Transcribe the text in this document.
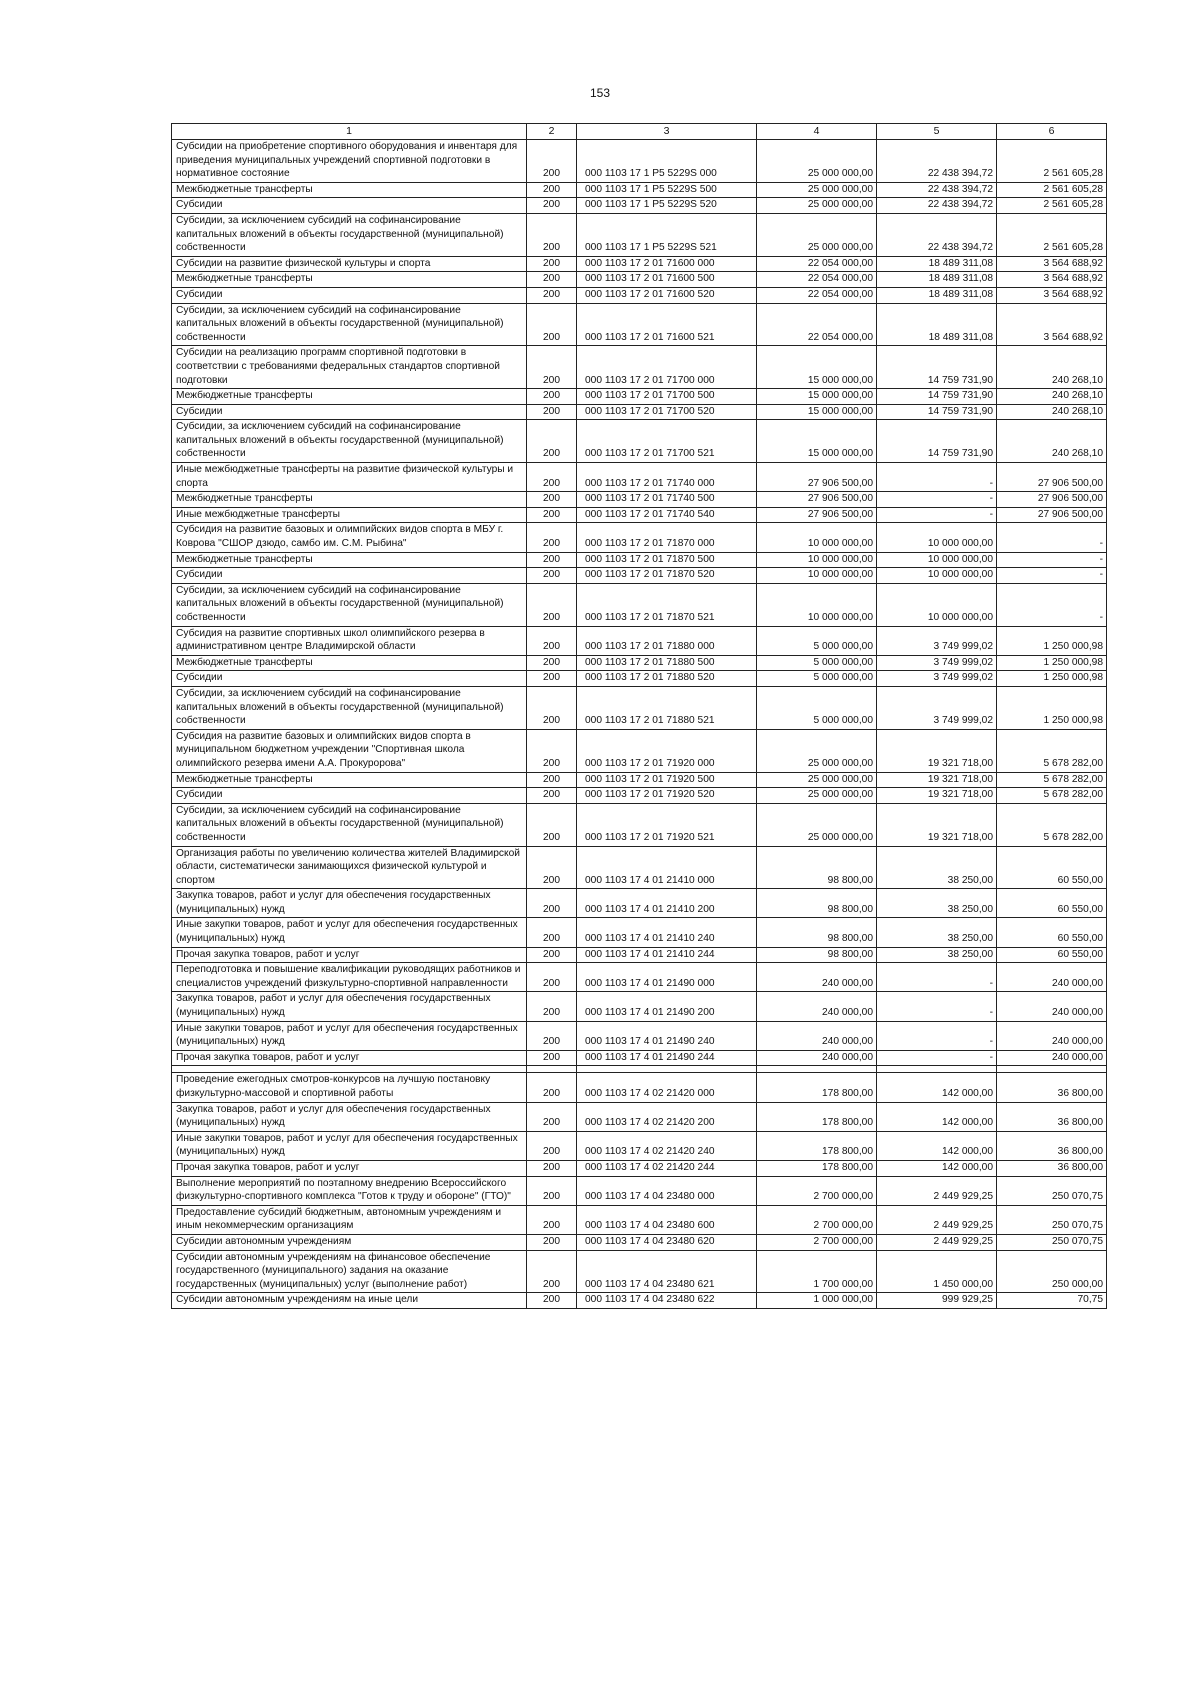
153
1	2	3	4	5	6
Субсидии на приобретение спортивного оборудования и инвентаря для приведения муниципальных учреждений спортивной подготовки в нормативное состояние	200	000 1103 17 1 P5 5229S 000	25 000 000,00	22 438 394,72	2 561 605,28
Межбюджетные трансферты	200	000 1103 17 1 P5 5229S 500	25 000 000,00	22 438 394,72	2 561 605,28
Субсидии	200	000 1103 17 1 P5 5229S 520	25 000 000,00	22 438 394,72	2 561 605,28
Субсидии, за исключением субсидий на софинансирование капитальных вложений в объекты государственной (муниципальной) собственности	200	000 1103 17 1 P5 5229S 521	25 000 000,00	22 438 394,72	2 561 605,28
Субсидии на развитие физической культуры и спорта	200	000 1103 17 2 01 71600 000	22 054 000,00	18 489 311,08	3 564 688,92
Межбюджетные трансферты	200	000 1103 17 2 01 71600 500	22 054 000,00	18 489 311,08	3 564 688,92
Субсидии	200	000 1103 17 2 01 71600 520	22 054 000,00	18 489 311,08	3 564 688,92
Субсидии, за исключением субсидий на софинансирование капитальных вложений в объекты государственной (муниципальной) собственности	200	000 1103 17 2 01 71600 521	22 054 000,00	18 489 311,08	3 564 688,92
Субсидии на реализацию программ спортивной подготовки в соответствии с требованиями федеральных стандартов спортивной подготовки	200	000 1103 17 2 01 71700 000	15 000 000,00	14 759 731,90	240 268,10
Межбюджетные трансферты	200	000 1103 17 2 01 71700 500	15 000 000,00	14 759 731,90	240 268,10
Субсидии	200	000 1103 17 2 01 71700 520	15 000 000,00	14 759 731,90	240 268,10
Субсидии, за исключением субсидий на софинансирование капитальных вложений в объекты государственной (муниципальной) собственности	200	000 1103 17 2 01 71700 521	15 000 000,00	14 759 731,90	240 268,10
Иные межбюджетные трансферты на развитие физической культуры и спорта	200	000 1103 17 2 01 71740 000	27 906 500,00	-	27 906 500,00
Межбюджетные трансферты	200	000 1103 17 2 01 71740 500	27 906 500,00	-	27 906 500,00
Иные межбюджетные трансферты	200	000 1103 17 2 01 71740 540	27 906 500,00	-	27 906 500,00
Субсидия на развитие базовых и олимпийских видов спорта в МБУ г. Коврова "СШОР дзюдо, самбо им. С.М. Рыбина"	200	000 1103 17 2 01 71870 000	10 000 000,00	10 000 000,00	-
Межбюджетные трансферты	200	000 1103 17 2 01 71870 500	10 000 000,00	10 000 000,00	-
Субсидии	200	000 1103 17 2 01 71870 520	10 000 000,00	10 000 000,00	-
Субсидии, за исключением субсидий на софинансирование капитальных вложений в объекты государственной (муниципальной) собственности	200	000 1103 17 2 01 71870 521	10 000 000,00	10 000 000,00	-
Субсидия на развитие спортивных школ олимпийского резерва в административном центре Владимирской области	200	000 1103 17 2 01 71880 000	5 000 000,00	3 749 999,02	1 250 000,98
Межбюджетные трансферты	200	000 1103 17 2 01 71880 500	5 000 000,00	3 749 999,02	1 250 000,98
Субсидии	200	000 1103 17 2 01 71880 520	5 000 000,00	3 749 999,02	1 250 000,98
Субсидии, за исключением субсидий на софинансирование капитальных вложений в объекты государственной (муниципальной) собственности	200	000 1103 17 2 01 71880 521	5 000 000,00	3 749 999,02	1 250 000,98
Субсидия на развитие базовых и олимпийских видов спорта в муниципальном бюджетном учреждении "Спортивная школа олимпийского резерва имени А.А. Прокуророва"	200	000 1103 17 2 01 71920 000	25 000 000,00	19 321 718,00	5 678 282,00
Межбюджетные трансферты	200	000 1103 17 2 01 71920 500	25 000 000,00	19 321 718,00	5 678 282,00
Субсидии	200	000 1103 17 2 01 71920 520	25 000 000,00	19 321 718,00	5 678 282,00
Субсидии, за исключением субсидий на софинансирование капитальных вложений в объекты государственной (муниципальной) собственности	200	000 1103 17 2 01 71920 521	25 000 000,00	19 321 718,00	5 678 282,00
Организация работы по увеличению количества жителей Владимирской области, систематически занимающихся физической культурой и спортом	200	000 1103 17 4 01 21410 000	98 800,00	38 250,00	60 550,00
Закупка товаров, работ и услуг для обеспечения государственных (муниципальных) нужд	200	000 1103 17 4 01 21410 200	98 800,00	38 250,00	60 550,00
Иные закупки товаров, работ и услуг для обеспечения государственных (муниципальных) нужд	200	000 1103 17 4 01 21410 240	98 800,00	38 250,00	60 550,00
Прочая закупка товаров, работ и услуг	200	000 1103 17 4 01 21410 244	98 800,00	38 250,00	60 550,00
Переподготовка и повышение квалификации руководящих работников и специалистов учреждений физкультурно-спортивной направленности	200	000 1103 17 4 01 21490 000	240 000,00	-	240 000,00
Закупка товаров, работ и услуг для обеспечения государственных (муниципальных) нужд	200	000 1103 17 4 01 21490 200	240 000,00	-	240 000,00
Иные закупки товаров, работ и услуг для обеспечения государственных (муниципальных) нужд	200	000 1103 17 4 01 21490 240	240 000,00	-	240 000,00
Прочая закупка товаров, работ и услуг	200	000 1103 17 4 01 21490 244	240 000,00	-	240 000,00

Проведение ежегодных смотров-конкурсов на лучшую постановку физкультурно-массовой и спортивной работы	200	000 1103 17 4 02 21420 000	178 800,00	142 000,00	36 800,00
Закупка товаров, работ и услуг для обеспечения государственных (муниципальных) нужд	200	000 1103 17 4 02 21420 200	178 800,00	142 000,00	36 800,00
Иные закупки товаров, работ и услуг для обеспечения государственных (муниципальных) нужд	200	000 1103 17 4 02 21420 240	178 800,00	142 000,00	36 800,00
Прочая закупка товаров, работ и услуг	200	000 1103 17 4 02 21420 244	178 800,00	142 000,00	36 800,00
Выполнение мероприятий по поэтапному внедрению Всероссийского физкультурно-спортивного комплекса "Готов к труду и обороне" (ГТО)"	200	000 1103 17 4 04 23480 000	2 700 000,00	2 449 929,25	250 070,75
Предоставление субсидий бюджетным, автономным учреждениям и иным некоммерческим организациям	200	000 1103 17 4 04 23480 600	2 700 000,00	2 449 929,25	250 070,75
Субсидии автономным учреждениям	200	000 1103 17 4 04 23480 620	2 700 000,00	2 449 929,25	250 070,75
Субсидии автономным учреждениям на финансовое обеспечение государственного (муниципального) задания на оказание государственных (муниципальных) услуг (выполнение работ)	200	000 1103 17 4 04 23480 621	1 700 000,00	1 450 000,00	250 000,00
Субсидии автономным учреждениям на иные цели	200	000 1103 17 4 04 23480 622	1 000 000,00	999 929,25	70,75
